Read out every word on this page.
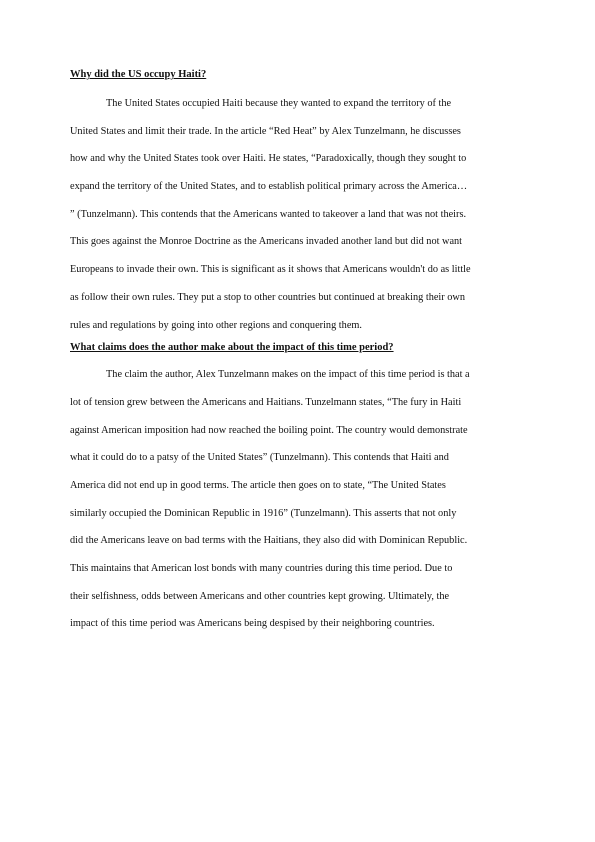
Why did the US occupy Haiti?

The United States occupied Haiti because they wanted to expand the territory of the
United States and limit their trade. In the article “Red Heat” by Alex Tunzelmann, he discusses
how and why the United States took over Haiti. He states, “Paradoxically, though they sought to
expand the territory of the United States, and to establish political primary across the America…
” (Tunzelmann). This contends that the Americans wanted to takeover a land that was not theirs.
This goes against the Monroe Doctrine as the Americans invaded another land but did not want
Europeans to invade their own. This is significant as it shows that Americans wouldn't do as little
as follow their own rules. They put a stop to other countries but continued at breaking their own
rules and regulations by going into other regions and conquering them.

What claims does the author make about the impact of this time period?

The claim the author, Alex Tunzelmann makes on the impact of this time period is that a
lot of tension grew between the Americans and Haitians. Tunzelmann states, “The fury in Haiti
against American imposition had now reached the boiling point. The country would demonstrate
what it could do to a patsy of the United States” (Tunzelmann). This contends that Haiti and
America did not end up in good terms. The article then goes on to state, “The United States
similarly occupied the Dominican Republic in 1916” (Tunzelmann). This asserts that not only
did the Americans leave on bad terms with the Haitians, they also did with Dominican Republic.
This maintains that American lost bonds with many countries during this time period. Due to
their selfishness, odds between Americans and other countries kept growing. Ultimately, the
impact of this time period was Americans being despised by their neighboring countries.
